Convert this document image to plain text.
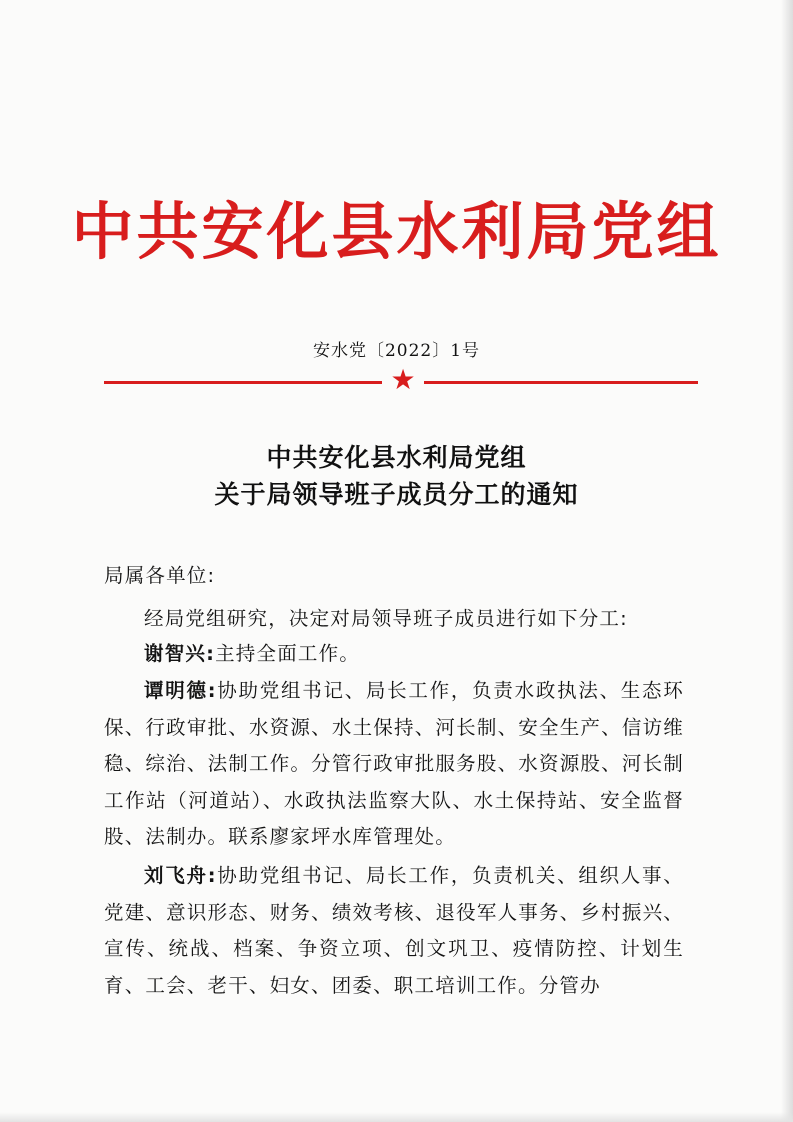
中共安化县水利局党组
安水党〔2022〕1号
★
中共安化县水利局党组
关于局领导班子成员分工的通知
局属各单位:
经局党组研究，决定对局领导班子成员进行如下分工:
谢智兴:主持全面工作。
谭明德:协助党组书记、局长工作，负责水政执法、生态环保、行政审批、水资源、水土保持、河长制、安全生产、信访维稳、综治、法制工作。分管行政审批服务股、水资源股、河长制工作站（河道站）、水政执法监察大队、水土保持站、安全监督股、法制办。联系廖家坪水库管理处。
刘飞舟:协助党组书记、局长工作，负责机关、组织人事、党建、意识形态、财务、绩效考核、退役军人事务、乡村振兴、宣传、统战、档案、争资立项、创文巩卫、疫情防控、计划生育、工会、老干、妇女、团委、职工培训工作。分管办
